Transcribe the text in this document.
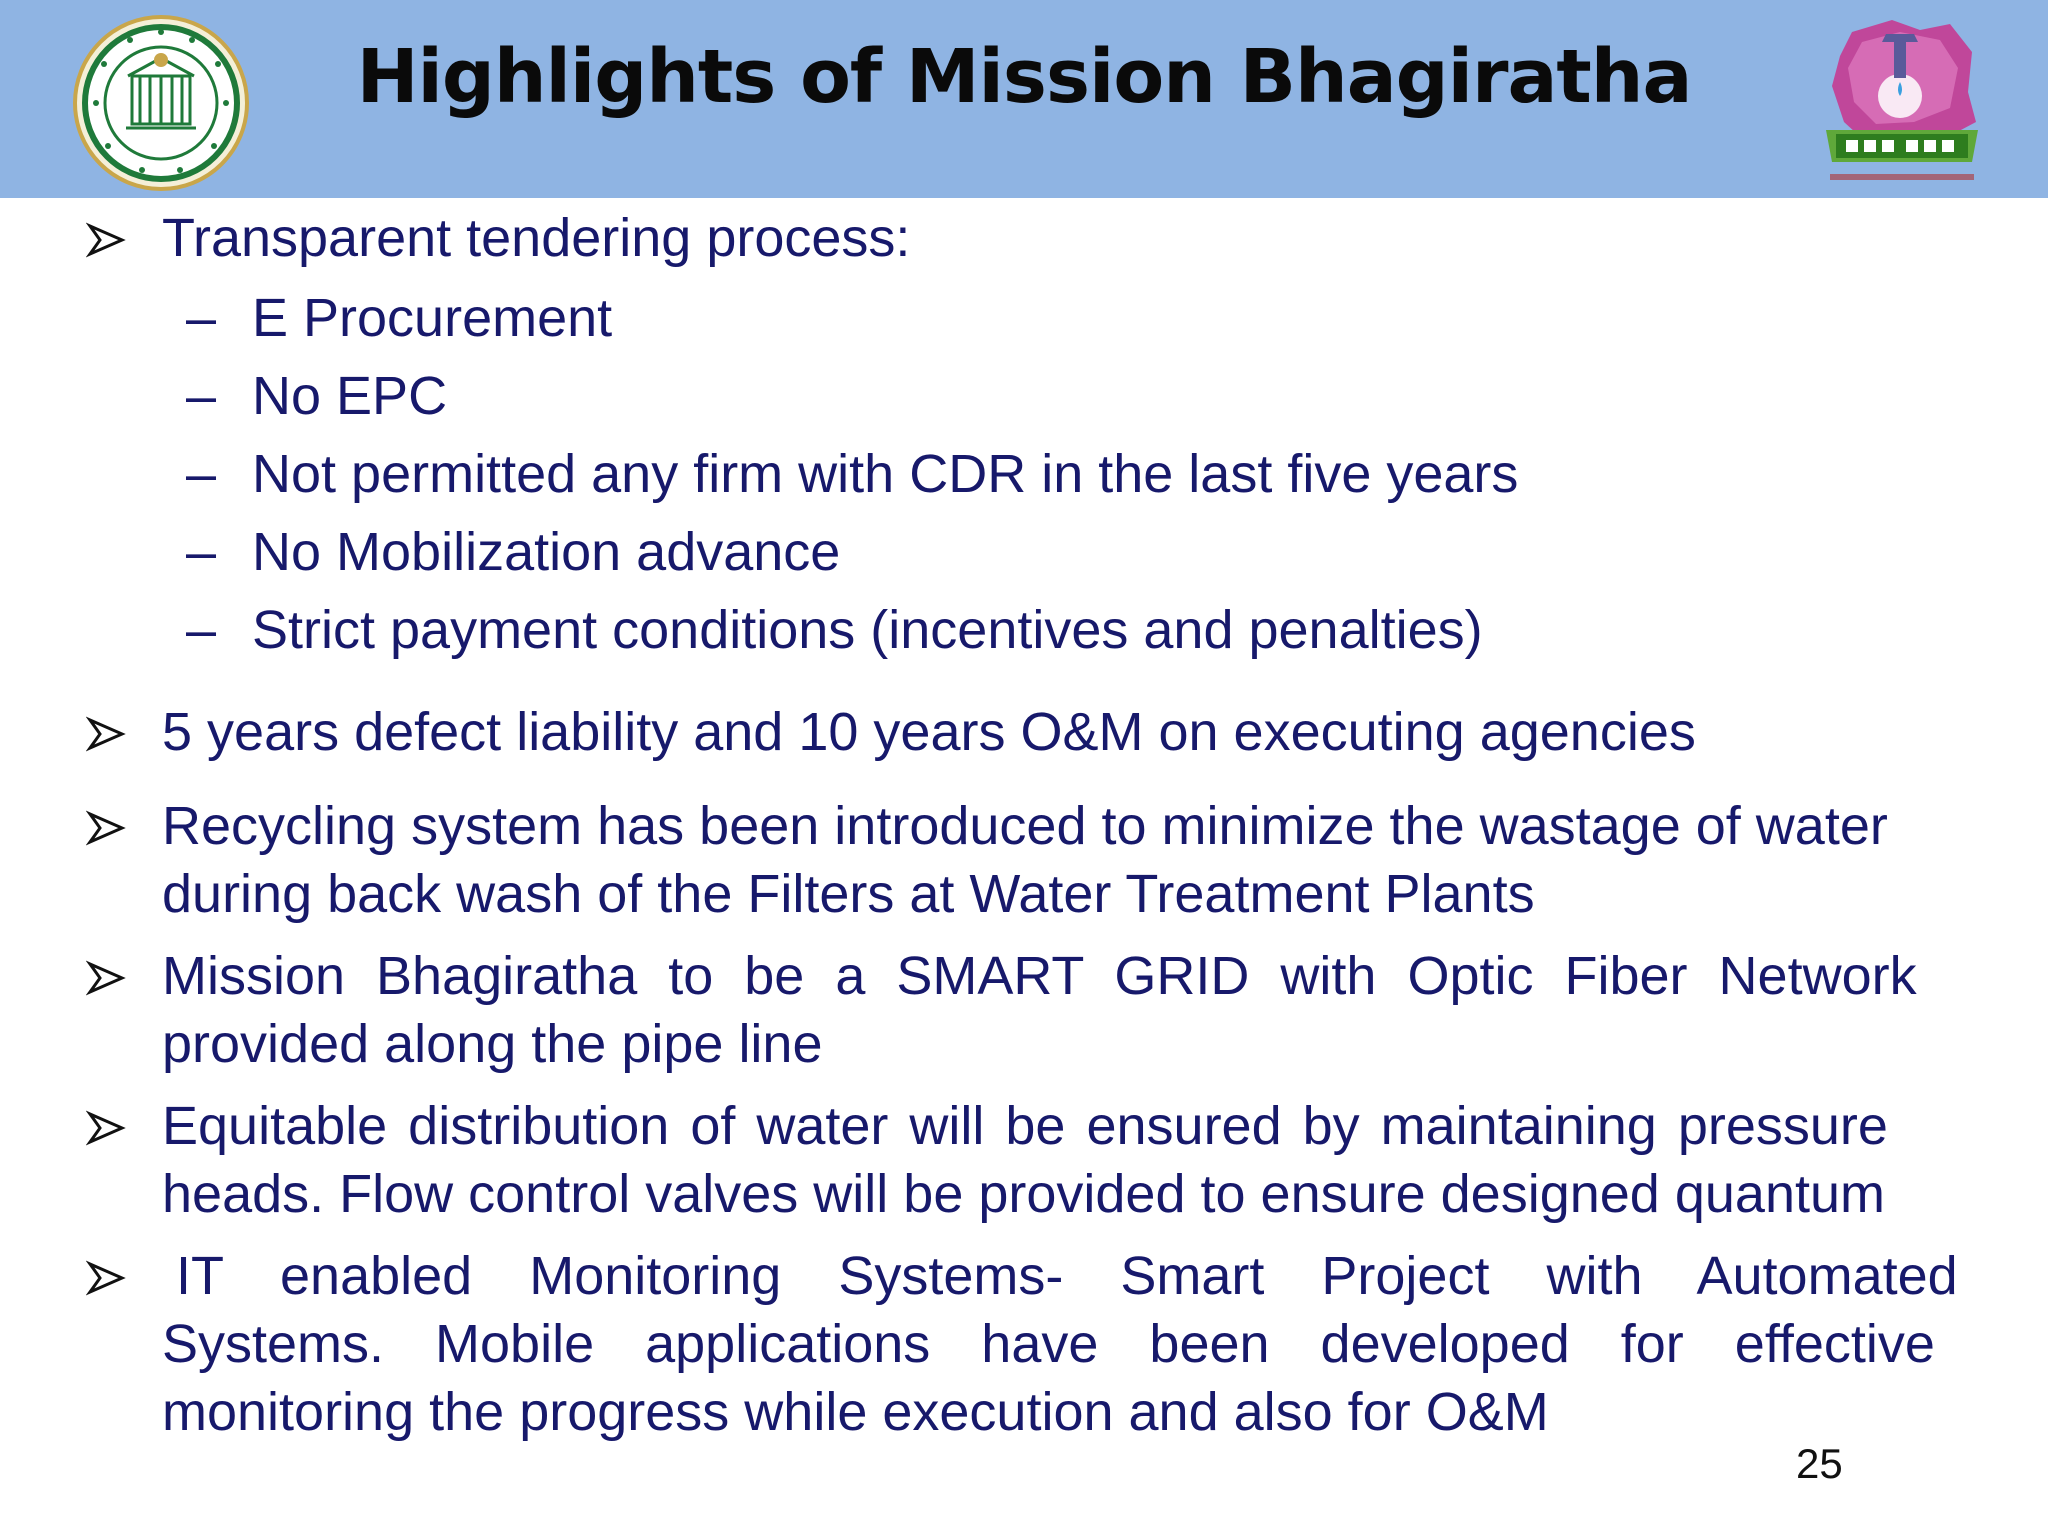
Highlights of Mission Bhagiratha
Transparent tendering process:
– E Procurement
– No EPC
– Not permitted any firm with CDR in the last five years
– No Mobilization advance
– Strict payment conditions (incentives and penalties)
5 years defect liability and 10 years O&M on executing agencies
Recycling system has been introduced to minimize the wastage of water
during back wash of the Filters at Water Treatment Plants
Mission Bhagiratha to be a SMART GRID with Optic Fiber Network
provided along the pipe line
Equitable distribution of water will be ensured by maintaining pressure
heads. Flow control valves will be provided to ensure designed quantum
IT enabled Monitoring Systems- Smart Project with Automated
Systems. Mobile applications have been developed for effective
monitoring the progress while execution and also for O&M
25
